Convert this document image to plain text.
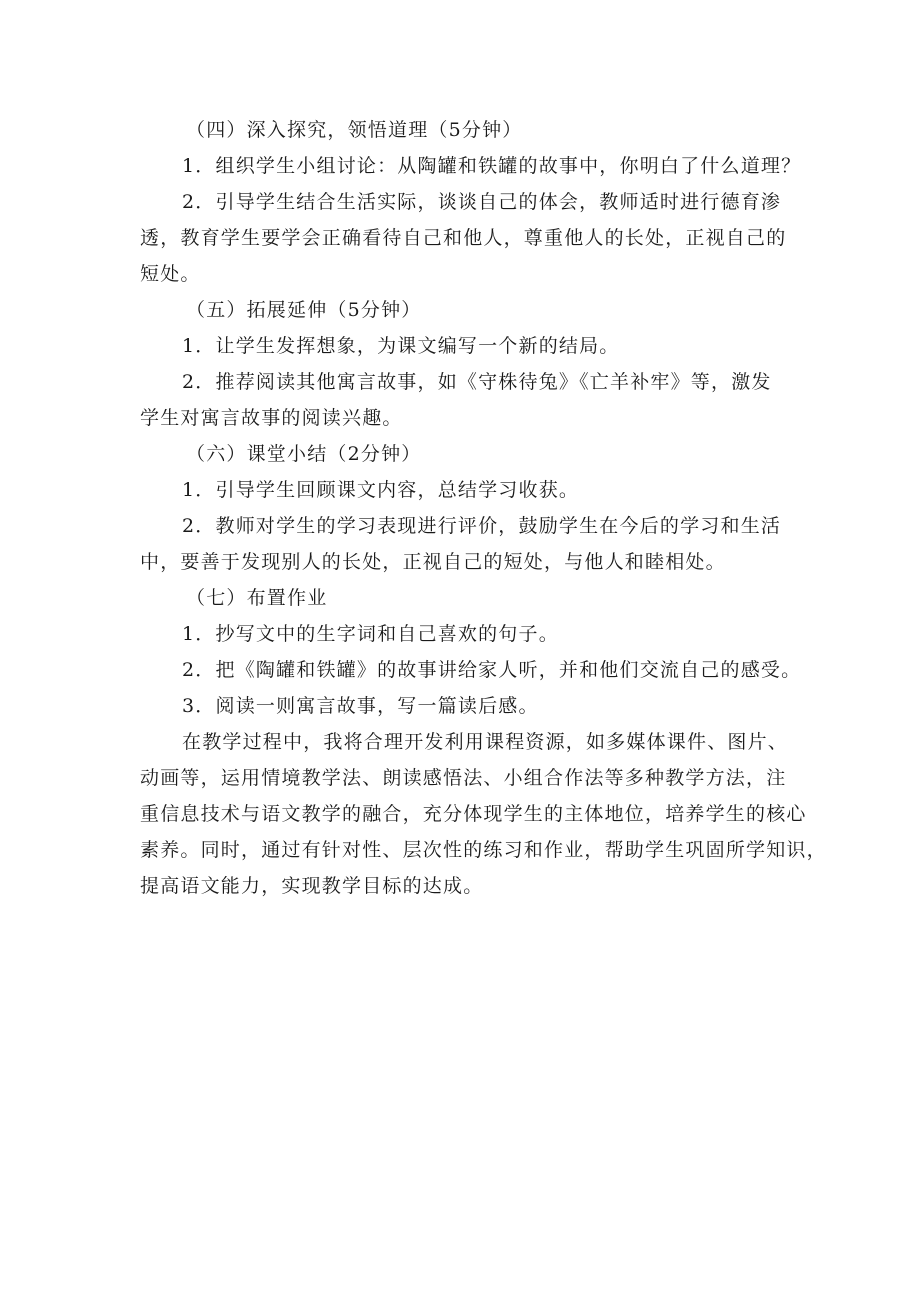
（四）深入探究，领悟道理（5分钟）

1．组织学生小组讨论：从陶罐和铁罐的故事中，你明白了什么道理？

2．引导学生结合生活实际，谈谈自己的体会，教师适时进行德育渗

透，教育学生要学会正确看待自己和他人，尊重他人的长处，正视自己的

短处。

（五）拓展延伸（5分钟）

1．让学生发挥想象，为课文编写一个新的结局。

2．推荐阅读其他寓言故事，如《守株待兔》《亡羊补牢》等，激发

学生对寓言故事的阅读兴趣。

（六）课堂小结（2分钟）

1．引导学生回顾课文内容，总结学习收获。

2．教师对学生的学习表现进行评价，鼓励学生在今后的学习和生活

中，要善于发现别人的长处，正视自己的短处，与他人和睦相处。

（七）布置作业

1．抄写文中的生字词和自己喜欢的句子。

2．把《陶罐和铁罐》的故事讲给家人听，并和他们交流自己的感受。

3．阅读一则寓言故事，写一篇读后感。

在教学过程中，我将合理开发利用课程资源，如多媒体课件、图片、

动画等，运用情境教学法、朗读感悟法、小组合作法等多种教学方法，注

重信息技术与语文教学的融合，充分体现学生的主体地位，培养学生的核心

素养。同时，通过有针对性、层次性的练习和作业，帮助学生巩固所学知识，

提高语文能力，实现教学目标的达成。
